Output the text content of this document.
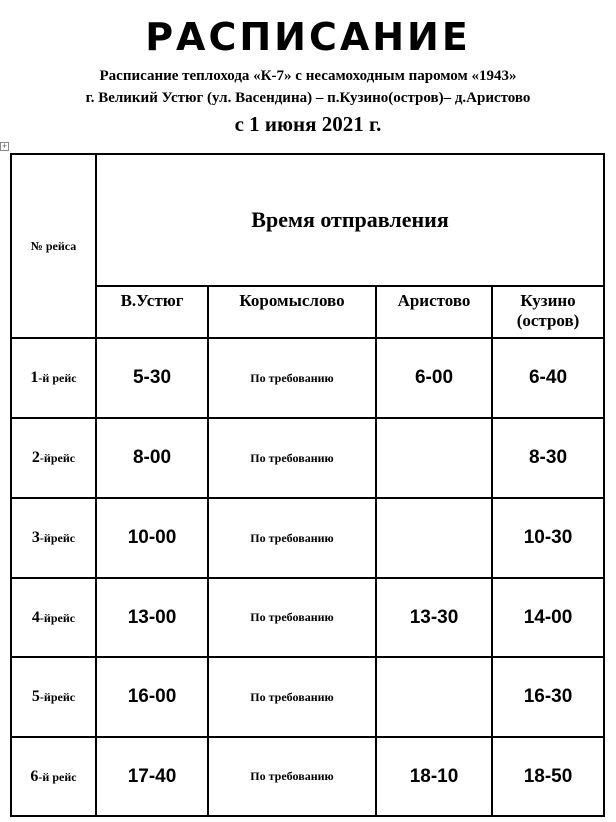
РАСПИСАНИЕ
Расписание теплохода «К-7» с несамоходным паромом «1943»
г. Великий Устюг (ул. Васендина) – п.Кузино(остров)– д.Аристово
с 1 июня 2021 г.
+
№ рейса	Время отправления			
	В.Устюг	Коромыслово	Аристово	Кузино (остров)
1-й рейс	5-30	По требованию	6-00	6-40
2-йрейс	8-00	По требованию		8-30
3-йрейс	10-00	По требованию		10-30
4-йрейс	13-00	По требованию	13-30	14-00
5-йрейс	16-00	По требованию		16-30
6-й рейс	17-40	По требованию	18-10	18-50
